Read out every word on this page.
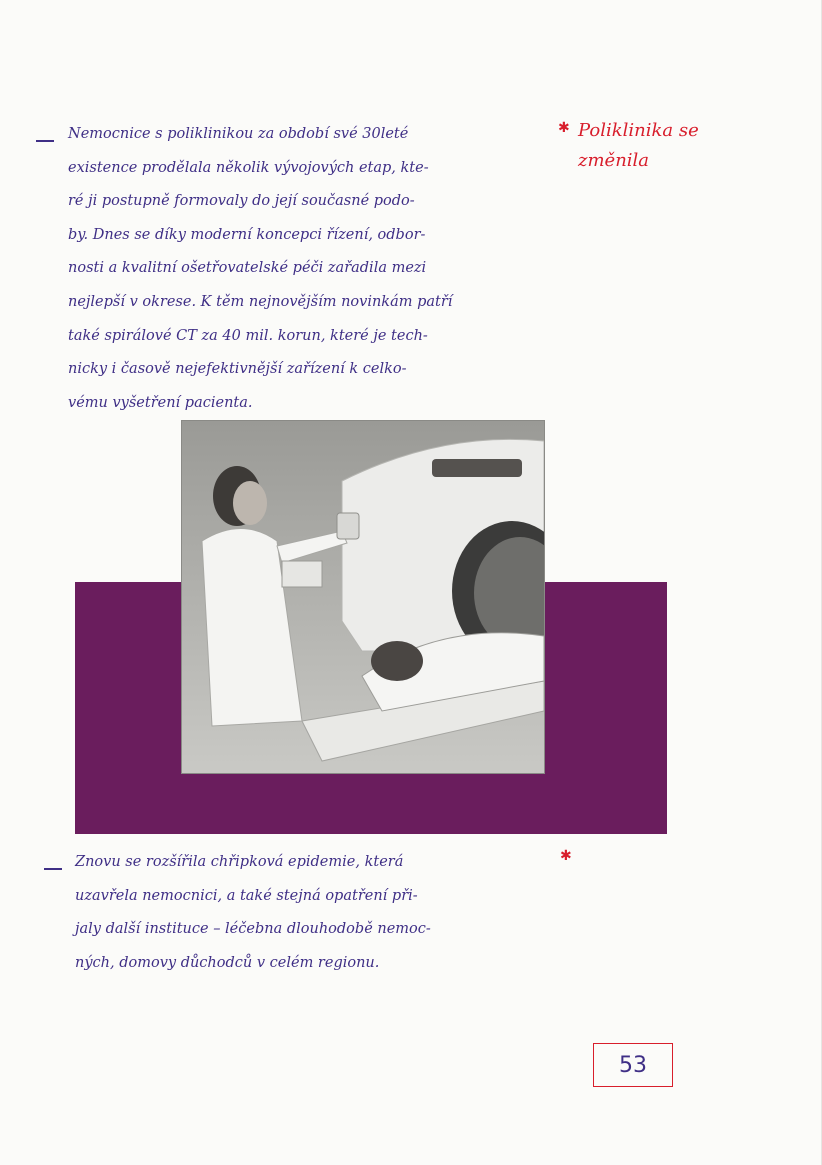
Nemocnice s poliklinikou za období své 30leté
existence prodělala několik vývojových etap, kte-
ré ji postupně formovaly do její současné podo-
by. Dnes se díky moderní koncepci řízení, odbor-
nosti a kvalitní ošetřovatelské péči zařadila mezi
nejlepší v okrese. K těm nejnovějším novinkám patří
také spirálové CT za 40 mil. korun, které je tech-
nicky i časově nejefektivnější zařízení k celko-
vému vyšetření pacienta.
✱ Poliklinika se
změnila
Znovu se rozšířila chřipková epidemie, která
uzavřela nemocnici, a také stejná opatření při-
jaly další instituce – léčebna dlouhodobě nemoc-
ných, domovy důchodců v celém regionu.
✱
53
